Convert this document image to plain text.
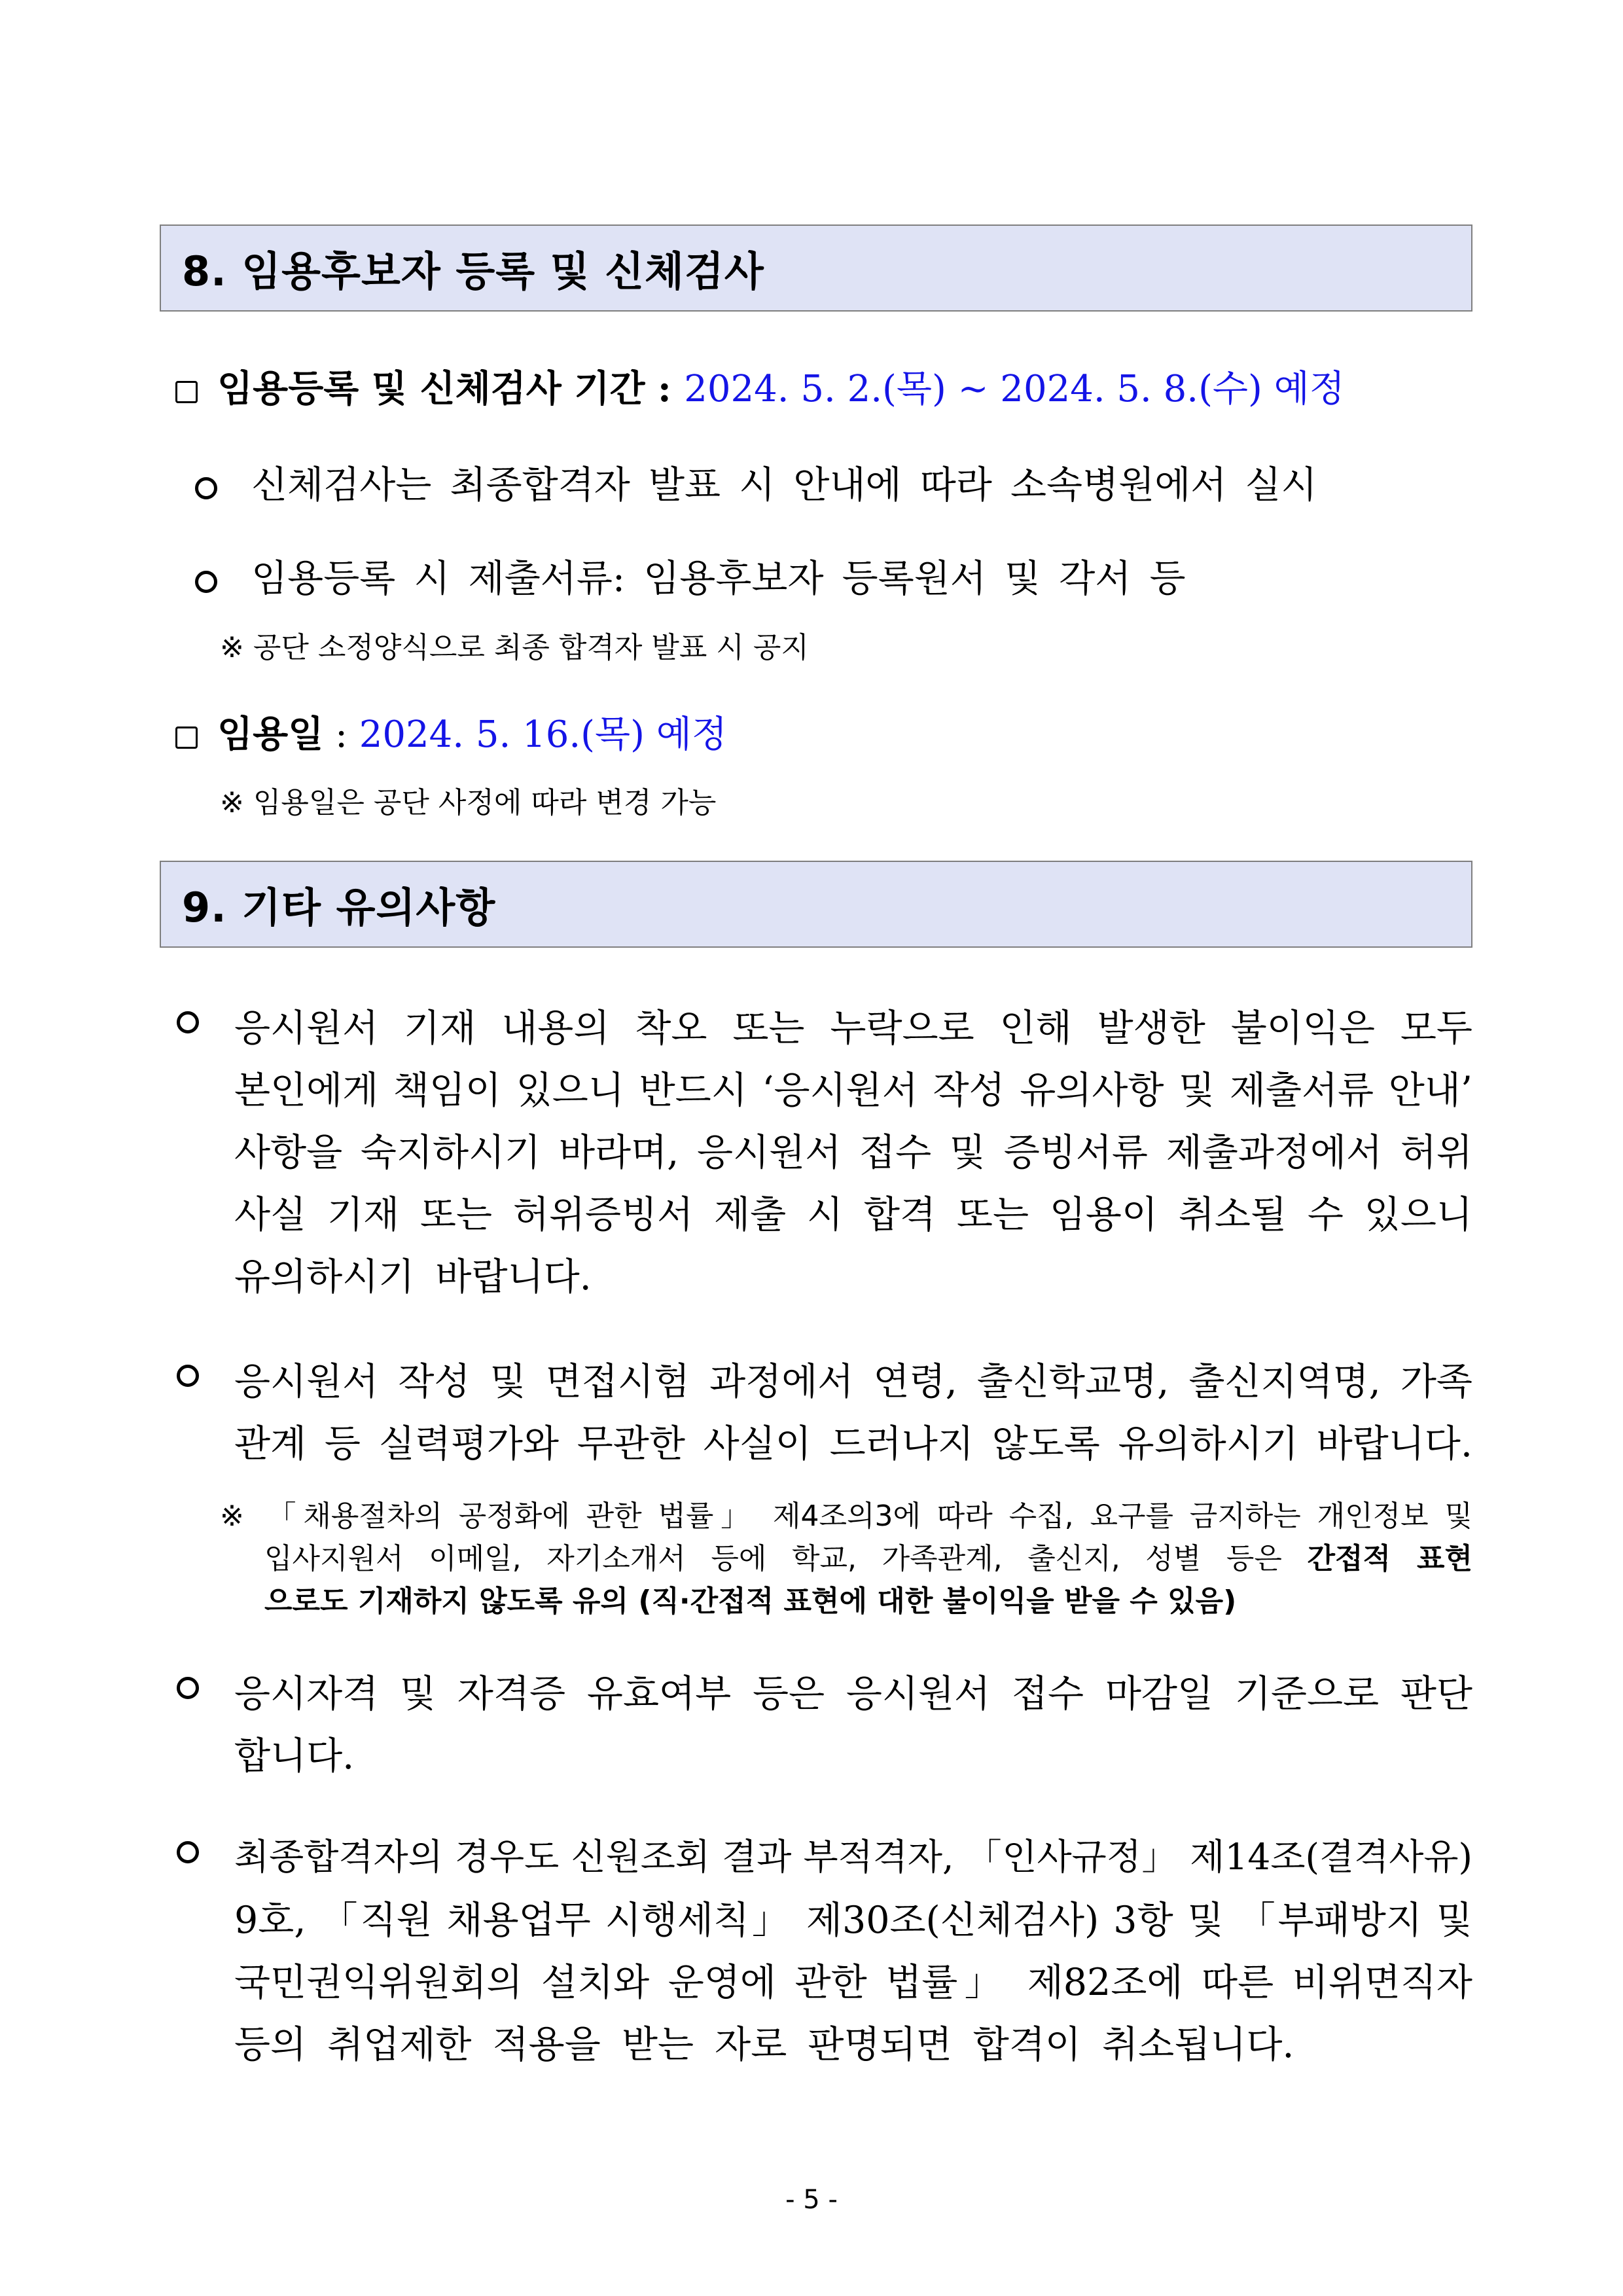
8. 임용후보자 등록 및 신체검사
임용등록 및 신체검사 기간 : 2024. 5. 2.(목) ~ 2024. 5. 8.(수) 예정
신체검사는 최종합격자 발표 시 안내에 따라 소속병원에서 실시
임용등록 시 제출서류: 임용후보자 등록원서 및 각서 등
※ 공단 소정양식으로 최종 합격자 발표 시 공지
임용일 : 2024. 5. 16.(목) 예정
※ 임용일은 공단 사정에 따라 변경 가능
9. 기타 유의사항
응시원서 기재 내용의 착오 또는 누락으로 인해 발생한 불이익은 모두
본인에게 책임이 있으니 반드시 ‘응시원서 작성 유의사항 및 제출서류 안내’
사항을 숙지하시기 바라며, 응시원서 접수 및 증빙서류 제출과정에서 허위
사실 기재 또는 허위증빙서 제출 시 합격 또는 임용이 취소될 수 있으니
유의하시기 바랍니다.
응시원서 작성 및 면접시험 과정에서 연령, 출신학교명, 출신지역명, 가족
관계 등 실력평가와 무관한 사실이 드러나지 않도록 유의하시기 바랍니다.
※ 「채용절차의 공정화에 관한 법률」 제4조의3에 따라 수집, 요구를 금지하는 개인정보 및
입사지원서 이메일, 자기소개서 등에 학교, 가족관계, 출신지, 성별 등은 간접적 표현
으로도 기재하지 않도록 유의 (직·간접적 표현에 대한 불이익을 받을 수 있음)
응시자격 및 자격증 유효여부 등은 응시원서 접수 마감일 기준으로 판단
합니다.
최종합격자의 경우도 신원조회 결과 부적격자, 「인사규정」 제14조(결격사유)
9호, 「직원 채용업무 시행세칙」 제30조(신체검사) 3항 및 「부패방지 및
국민권익위원회의 설치와 운영에 관한 법률」 제82조에 따른 비위면직자
등의 취업제한 적용을 받는 자로 판명되면 합격이 취소됩니다.
- 5 -
